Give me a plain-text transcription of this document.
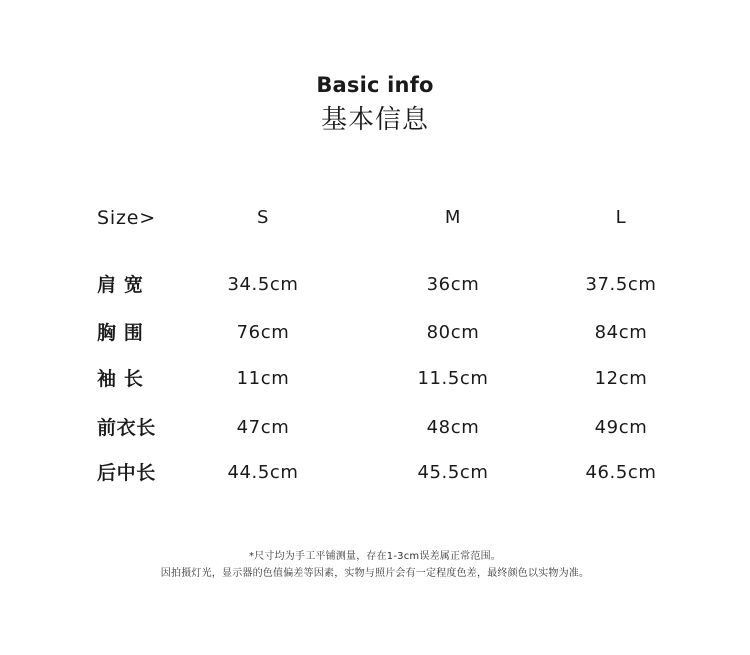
Basic info
基本信息
Size>	S	M	L
肩 宽	34.5cm	36cm	37.5cm
胸 围	76cm	80cm	84cm
袖 长	11cm	11.5cm	12cm
前衣长	47cm	48cm	49cm
后中长	44.5cm	45.5cm	46.5cm
*尺寸均为手工平铺测量，存在1-3cm误差属正常范围。
因拍摄灯光，显示器的色值偏差等因素，实物与照片会有一定程度色差，最终颜色以实物为准。
